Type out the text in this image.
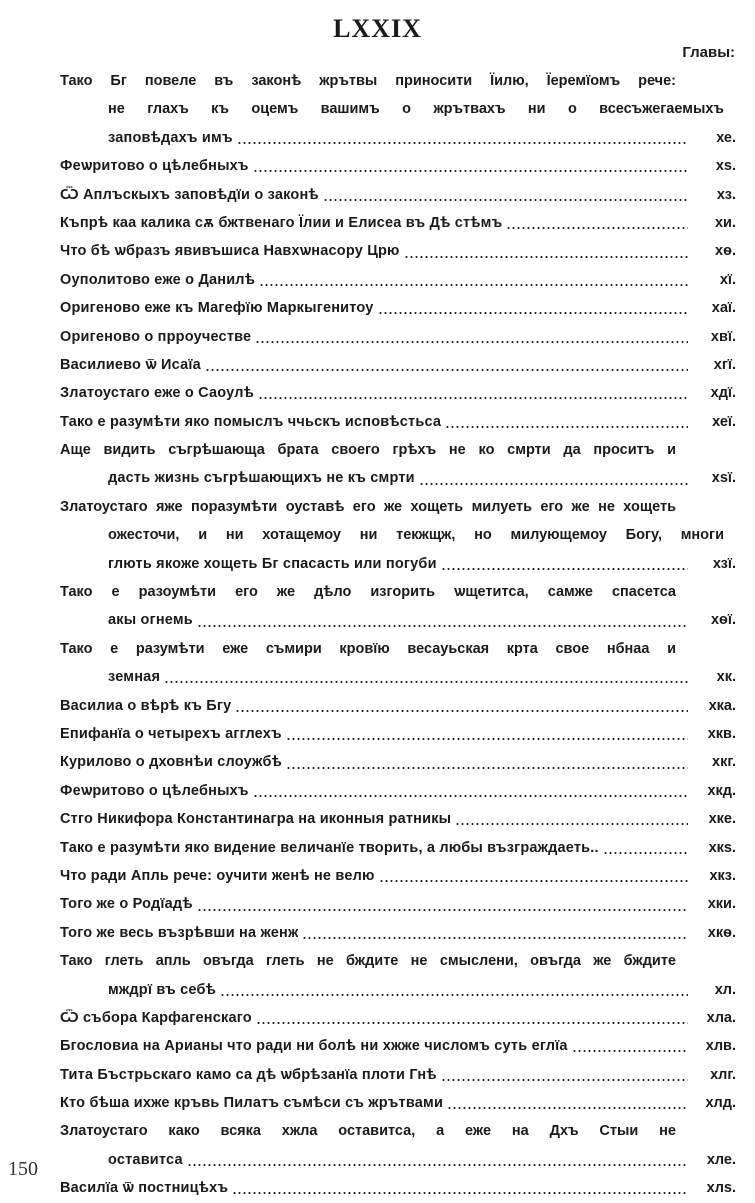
LXXIX
Главы:
Тако Бг повеле въ законѣ жрътвы приносити Їилю, Їеремїомъ рече:
не глахъ къ оцемъ вашимъ о жрътвахъ ни о всесъжегаемыхъ
заповѣдахъ имъ	хе.
Феѡритово о цѣлебныхъ	хѕ.
Ѿ Аплъскыхъ заповѣдїи о законѣ	хз.
Къпрѣ каа калика сѫ бжтвенаго Їлии и Елисеа въ Дѣ стѣмъ	хи.
Что бѣ ѡбразъ явивъшиса Навхѡнасору Црю	хѳ.
Оуполитово еже о Данилѣ	хї.
Оригеново еже къ Магефїю Маркыгенитоу	хаї.
Оригеново о прроучестве	хвї.
Василиево ѿ Исаїа	хгї.
Златоустаго еже о Саоулѣ	хдї.
Тако е разумѣти яко помыслъ ччьскъ исповѣстьса	хеї.
Аще видить съгрѣшающа брата своего грѣхъ не ко смрти да проситъ и
дасть жизнь съгрѣшающихъ не къ смрти	хѕї.
Златоустаго яже поразумѣти оуставѣ его же хощеть милуеть его же не хощеть
ожесточи, и ни хотащемоу ни текжщж, но милующемоу Богу, многи
глють якоже хощеть Бг спасасть или погуби	хзї.
Тако е разоумѣти его же дѣло изгорить ѡщетитса, самже спасетса
акы огнемь	хѳї.
Тако е разумѣти еже съмири кровїю весауьская крта свое нбнаа и
земная	хк.
Василиа о вѣрѣ къ Бгу	хка.
Епифанїа о четырехъ агглехъ	хкв.
Курилово о дховнѣи слоужбѣ	хкг.
Феѡритово о цѣлебныхъ	хкд.
Стго Никифора Константинагра на иконныя ратникы	хке.
Тако е разумѣти яко видение величанїе творить, а любы възграждаеть..	хкѕ.
Что ради Апль рече: оучити женѣ не велю	хкз.
Того же о Родїадѣ	хки.
Того же весь възрѣвши на женж	хкѳ.
Тако глеть апль овъгда глеть не бждите не смыслени, овъгда же бждите
мждрї въ себѣ	хл.
Ѿ събора Карфагенскаго	хла.
Бгословиа на Арианы что ради ни болѣ ни хжже числомъ суть еглїа	хлв.
Тита Бъстрьскаго камо са дѣ ѡбрѣзанїа плоти Гнѣ	хлг.
Кто бѣша ихже кръвь Пилатъ съмѣси съ жрътвами	хлд.
Златоустаго како всяка хжла оставитса, а еже на Дхъ Стыи не
оставитса	хле.
Василїа ѿ постницѣхъ	хлѕ.
150
